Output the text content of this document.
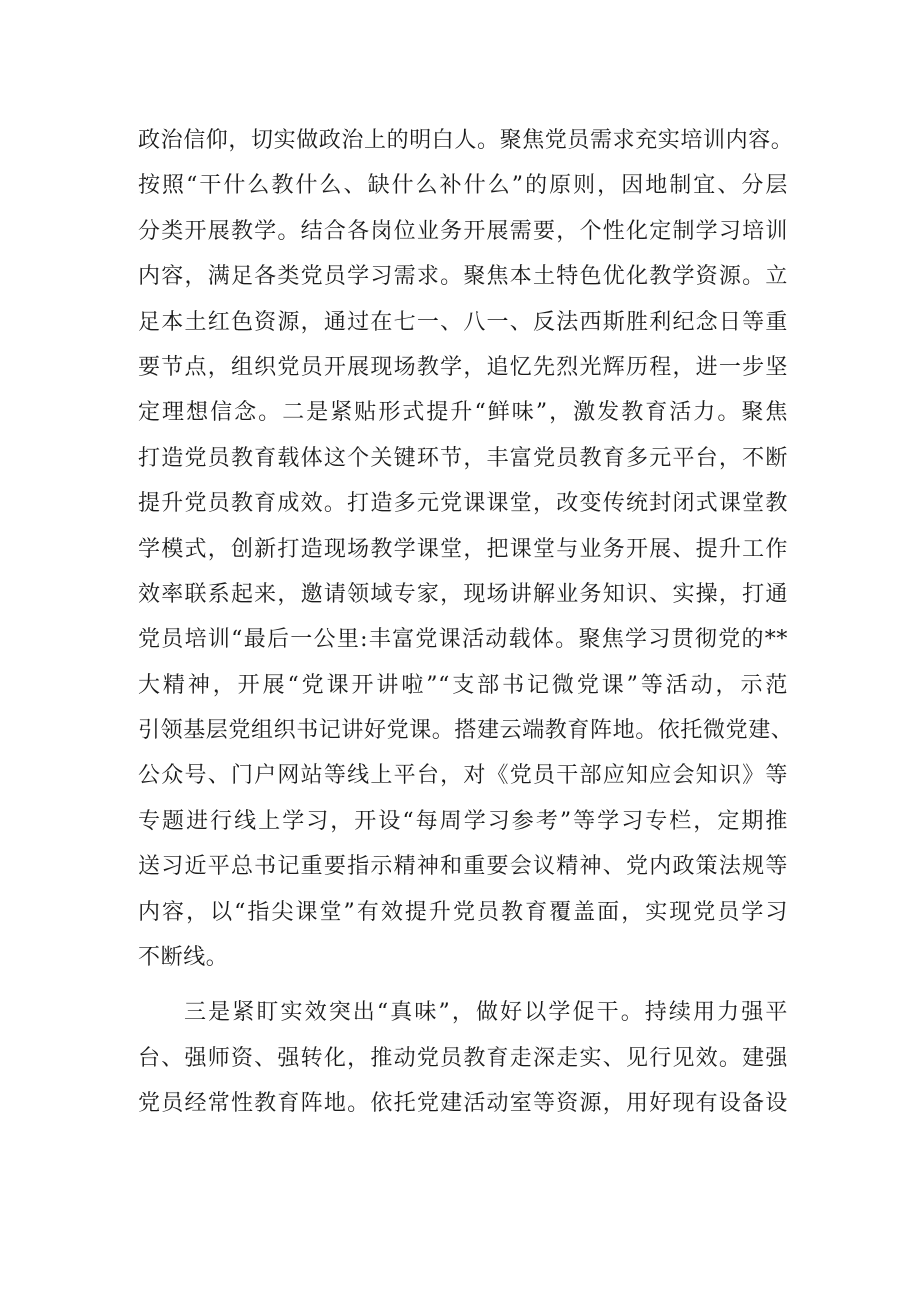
政治信仰，切实做政治上的明白人。聚焦党员需求充实培训内容。
按照“干什么教什么、缺什么补什么”的原则，因地制宜、分层
分类开展教学。结合各岗位业务开展需要，个性化定制学习培训
内容，满足各类党员学习需求。聚焦本土特色优化教学资源。立
足本土红色资源，通过在七一、八一、反法西斯胜利纪念日等重
要节点，组织党员开展现场教学，追忆先烈光辉历程，进一步坚
定理想信念。二是紧贴形式提升“鲜味”，激发教育活力。聚焦
打造党员教育载体这个关键环节，丰富党员教育多元平台，不断
提升党员教育成效。打造多元党课课堂，改变传统封闭式课堂教
学模式，创新打造现场教学课堂，把课堂与业务开展、提升工作
效率联系起来，邀请领域专家，现场讲解业务知识、实操，打通
党员培训“最后一公里:丰富党课活动载体。聚焦学习贯彻党的**
大精神，开展“党课开讲啦”“支部书记微党课”等活动，示范
引领基层党组织书记讲好党课。搭建云端教育阵地。依托微党建、
公众号、门户网站等线上平台，对《党员干部应知应会知识》等
专题进行线上学习，开设“每周学习参考”等学习专栏，定期推
送习近平总书记重要指示精神和重要会议精神、党内政策法规等
内容，以“指尖课堂”有效提升党员教育覆盖面，实现党员学习
不断线。
三是紧盯实效突出“真味”，做好以学促干。持续用力强平
台、强师资、强转化，推动党员教育走深走实、见行见效。建强
党员经常性教育阵地。依托党建活动室等资源，用好现有设备设
